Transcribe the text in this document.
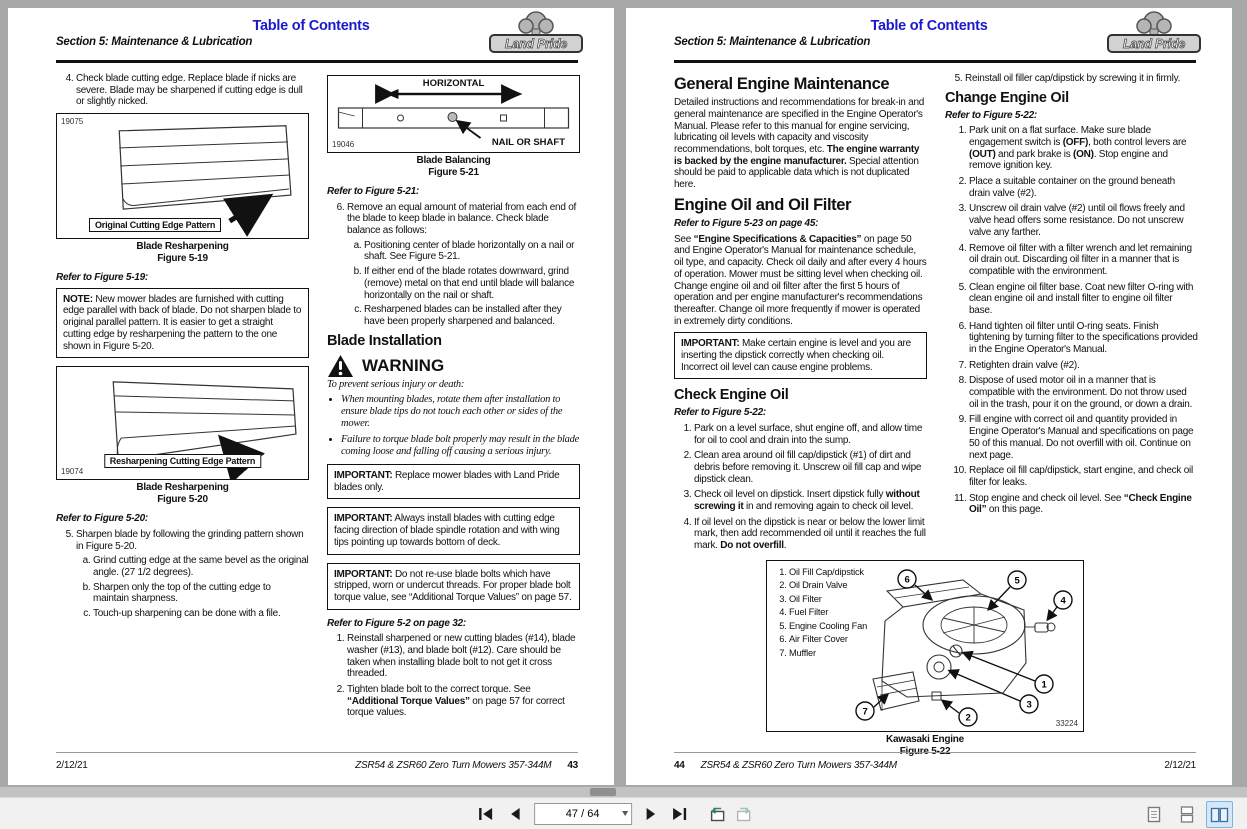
Table of Contents
Section 5: Maintenance & Lubrication	Land Pride
4. Check blade cutting edge. Replace blade if nicks are severe. Blade may be sharpened if cutting edge is dull or slightly nicked.
19075
Original Cutting Edge Pattern
Blade Resharpening
Figure 5-19

Refer to Figure 5-19:

NOTE: New mower blades are furnished with cutting edge parallel with back of blade. Do not sharpen blade to original parallel pattern. It is easier to get a straight cutting edge by resharpening the pattern to the one shown in Figure 5-20.
19074
Resharpening Cutting Edge Pattern
Blade Resharpening
Figure 5-20

Refer to Figure 5-20:

5. Sharpen blade by following the grinding pattern shown in Figure 5-20.
a. Grind cutting edge at the same bevel as the original angle. (27 1/2 degrees).
b. Sharpen only the top of the cutting edge to maintain sharpness.
c. Touch-up sharpening can be done with a file.
HORIZONTAL
NAIL OR SHAFT
19046
Blade Balancing
Figure 5-21

Refer to Figure 5-21:

6. Remove an equal amount of material from each end of the blade to keep blade in balance. Check blade balance as follows:
a. Positioning center of blade horizontally on a nail or shaft. See Figure 5-21.
b. If either end of the blade rotates downward, grind (remove) metal on that end until blade will balance horizontally on the nail or shaft.
c. Resharpened blades can be installed after they have been properly sharpened and balanced.
Blade Installation
WARNING

To prevent serious injury or death:

• When mounting blades, rotate them after installation to ensure blade tips do not touch each other or sides of the mower.
• Failure to torque blade bolt properly may result in the blade coming loose and falling off causing a serious injury.
IMPORTANT: Replace mower blades with Land Pride blades only.
IMPORTANT: Always install blades with cutting edge facing direction of blade spindle rotation and with wing tips pointing up towards bottom of deck.
IMPORTANT: Do not re-use blade bolts which have stripped, worn or undercut threads. For proper blade bolt torque value, see “Additional Torque Values” on page 57.

Refer to Figure 5-2 on page 32:

1. Reinstall sharpened or new cutting blades (#14), blade washer (#13), and blade bolt (#12). Care should be taken when installing blade bolt to not get it cross threaded.
2. Tighten blade bolt to the correct torque. See “Additional Torque Values” on page 57 for correct torque values.
2/12/21	ZSR54 & ZSR60 Zero Turn Mowers 357-344M 43
Table of Contents
Section 5: Maintenance & Lubrication	Land Pride
General Engine Maintenance

Detailed instructions and recommendations for break-in and general maintenance are specified in the Engine Operator's Manual. Please refer to this manual for engine servicing, lubricating oil levels with capacity and viscosity recommendations, bolt torques, etc. The engine warranty is backed by the engine manufacturer. Special attention should be paid to applicable data which is not duplicated here.

Engine Oil and Oil Filter

Refer to Figure 5-23 on page 45:

See “Engine Specifications & Capacities” on page 50 and Engine Operator's Manual for maintenance schedule, oil type, and capacity. Check oil daily and after every 4 hours of operation. Mower must be sitting level when checking oil. Change engine oil and oil filter after the first 5 hours of operation and per engine manufacturer's recommendations thereafter. Change oil more frequently if mower is operated in extremely dirty conditions.

IMPORTANT: Make certain engine is level and you are inserting the dipstick correctly when checking oil. Incorrect oil level can cause engine problems.
Check Engine Oil

Refer to Figure 5-22:

1. Park on a level surface, shut engine off, and allow time for oil to cool and drain into the sump.
2. Clean area around oil fill cap/dipstick (#1) of dirt and debris before removing it. Unscrew oil fill cap and wipe dipstick clean.
3. Check oil level on dipstick. Insert dipstick fully without screwing it in and removing again to check oil level.
4. If oil level on the dipstick is near or below the lower limit mark, then add recommended oil until it reaches the full mark. Do not overfill.
5. Reinstall oil filler cap/dipstick by screwing it in firmly.
Change Engine Oil

Refer to Figure 5-22:

1. Park unit on a flat surface. Make sure blade engagement switch is (OFF), both control levers are (OUT) and park brake is (ON). Stop engine and remove ignition key.
2. Place a suitable container on the ground beneath drain valve (#2).
3. Unscrew oil drain valve (#2) until oil flows freely and valve head offers some resistance. Do not unscrew valve any farther.
4. Remove oil filter with a filter wrench and let remaining oil drain out. Discarding oil filter in a manner that is compatible with the environment.
5. Clean engine oil filter base. Coat new filter O-ring with clean engine oil and install filter to engine oil filter base.
6. Hand tighten oil filter until O-ring seats. Finish tightening by turning filter to the specifications provided in the Engine Operator's Manual.
7. Retighten drain valve (#2).
8. Dispose of used motor oil in a manner that is compatible with the environment. Do not throw used oil in the trash, pour it on the ground, or down a drain.
9. Fill engine with correct oil and quantity provided in Engine Operator's Manual and specifications on page 50 of this manual. Do not overfill with oil. Continue on next page.
10. Replace oil fill cap/dipstick, start engine, and check oil filter for leaks.
11. Stop engine and check oil level. See “Check Engine Oil” on this page.
1. Oil Fill Cap/dipstick
2. Oil Drain Valve
3. Oil Filter
4. Fuel Filter
5. Engine Cooling Fan
6. Air Filter Cover
7. Muffler
6	5
4
1
3
2
7
33224
Kawasaki Engine
Figure 5-22
44 ZSR54 & ZSR60 Zero Turn Mowers 357-344M	2/12/21
47 / 64
